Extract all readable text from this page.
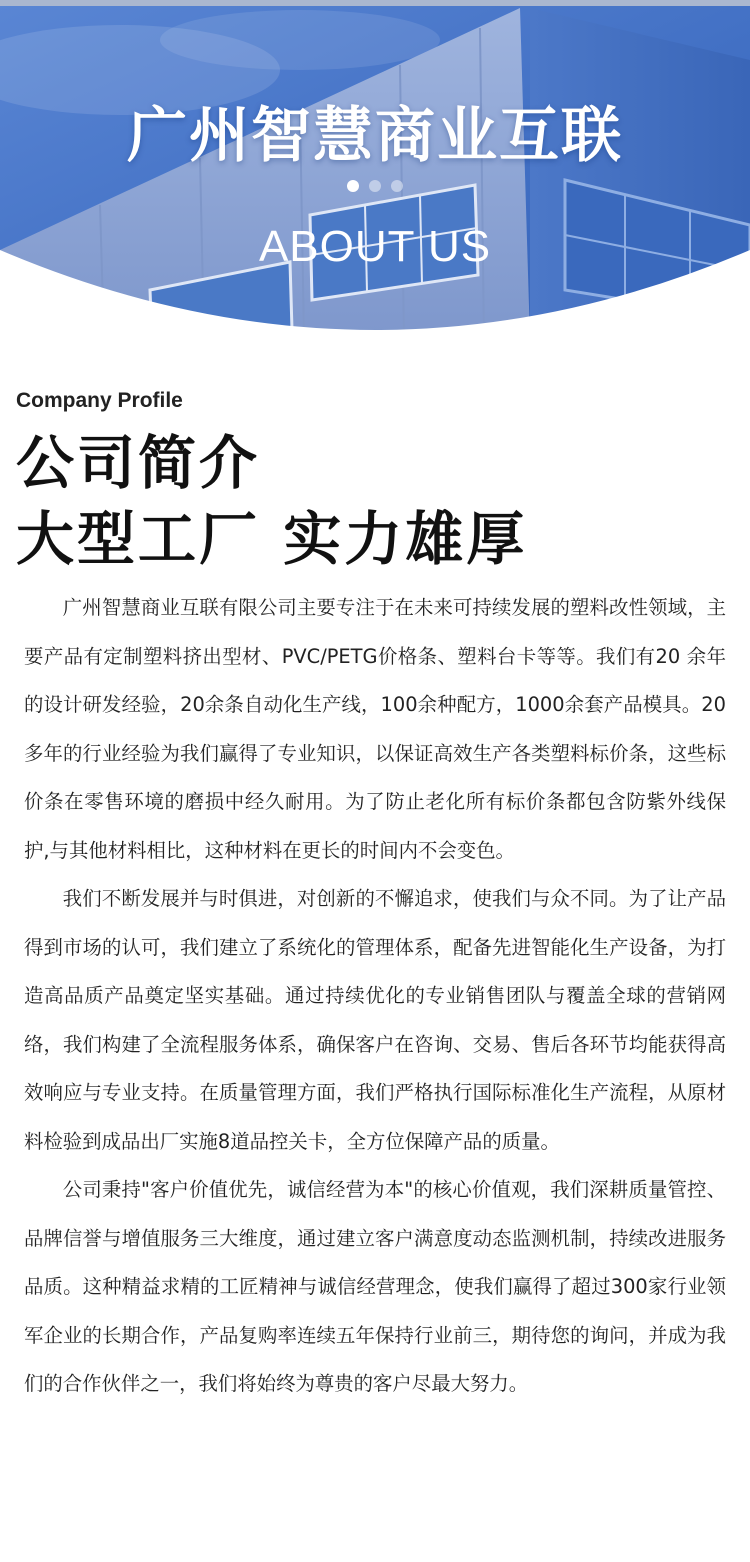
广州智慧商业互联

ABOUT US
Company Profile
公司简介
大型工厂 实力雄厚

广州智慧商业互联有限公司主要专注于在未来可持续发展的塑料改性领域，主要产品有定制塑料挤出型材、PVC/PETG价格条、塑料台卡等等。我们有20 余年的设计研发经验，20余条自动化生产线，100余种配方，1000余套产品模具。20多年的行业经验为我们赢得了专业知识，以保证高效生产各类塑料标价条，这些标价条在零售环境的磨损中经久耐用。为了防止老化所有标价条都包含防紫外线保护,与其他材料相比，这种材料在更长的时间内不会变色。

我们不断发展并与时俱进，对创新的不懈追求，使我们与众不同。为了让产品得到市场的认可，我们建立了系统化的管理体系，配备先进智能化生产设备，为打造高品质产品奠定坚实基础。通过持续优化的专业销售团队与覆盖全球的营销网络，我们构建了全流程服务体系，确保客户在咨询、交易、售后各环节均能获得高效响应与专业支持。在质量管理方面，我们严格执行国际标准化生产流程，从原材料检验到成品出厂实施8道品控关卡，全方位保障产品的质量。

公司秉持"客户价值优先，诚信经营为本"的核心价值观，我们深耕质量管控、品牌信誉与增值服务三大维度，通过建立客户满意度动态监测机制，持续改进服务品质。这种精益求精的工匠精神与诚信经营理念，使我们赢得了超过300家行业领军企业的长期合作，产品复购率连续五年保持行业前三，期待您的询问，并成为我们的合作伙伴之一，我们将始终为尊贵的客户尽最大努力。
